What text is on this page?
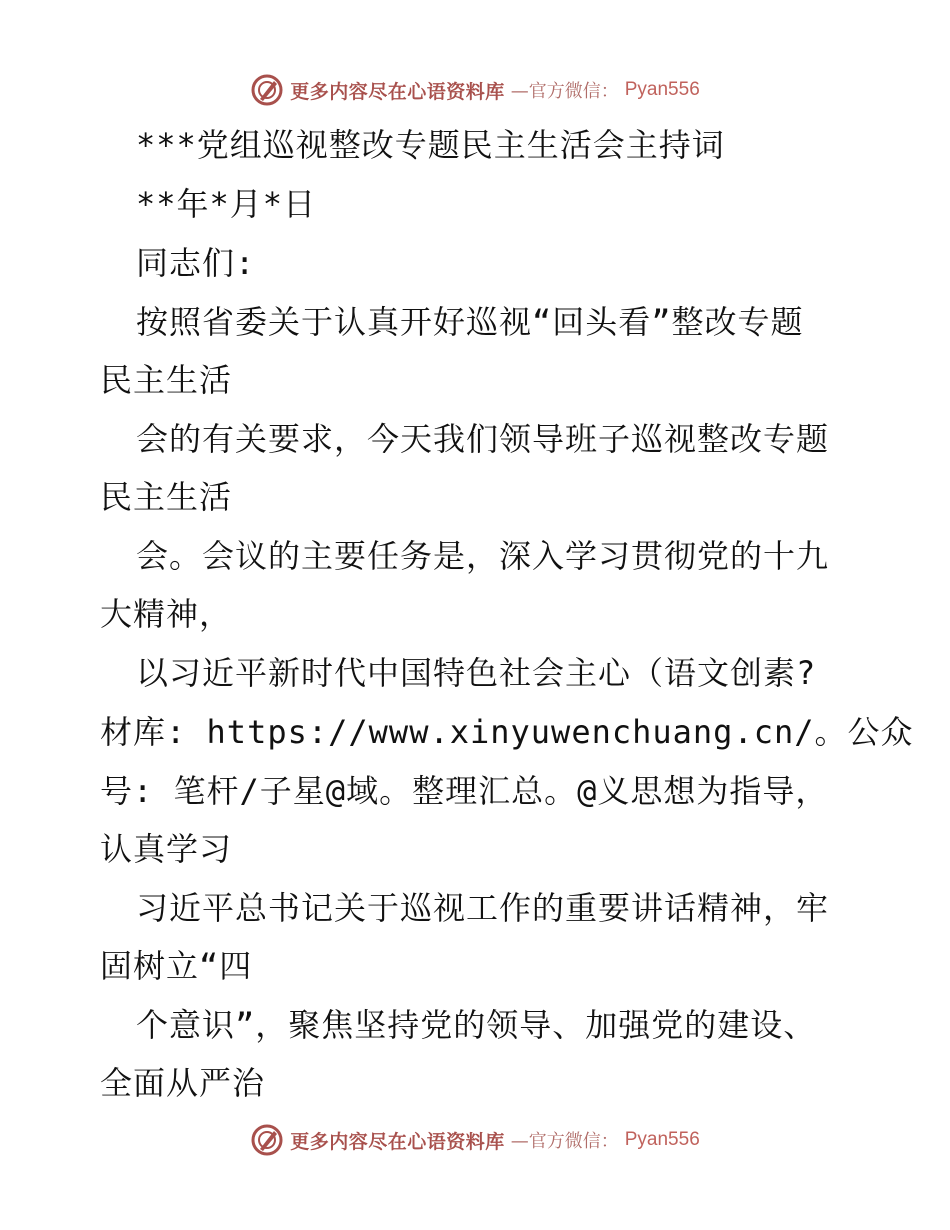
更多内容尽在心语资料库 —官方微信： Pyan556
***党组巡视整改专题民主生活会主持词
**年*月*日
同志们:
按照省委关于认真开好巡视“回头看”整改专题
民主生活
会的有关要求，今天我们领导班子巡视整改专题
民主生活
会。会议的主要任务是，深入学习贯彻党的十九
大精神，
以习近平新时代中国特色社会主心（语文创素?
材库: https://www.xinyuwenchuang.cn/。公众
号: 笔杆/子星@域。整理汇总。@义思想为指导，
认真学习
习近平总书记关于巡视工作的重要讲话精神，牢
固树立“四
个意识”，聚焦坚持党的领导、加强党的建设、
全面从严治
更多内容尽在心语资料库 —官方微信： Pyan556
